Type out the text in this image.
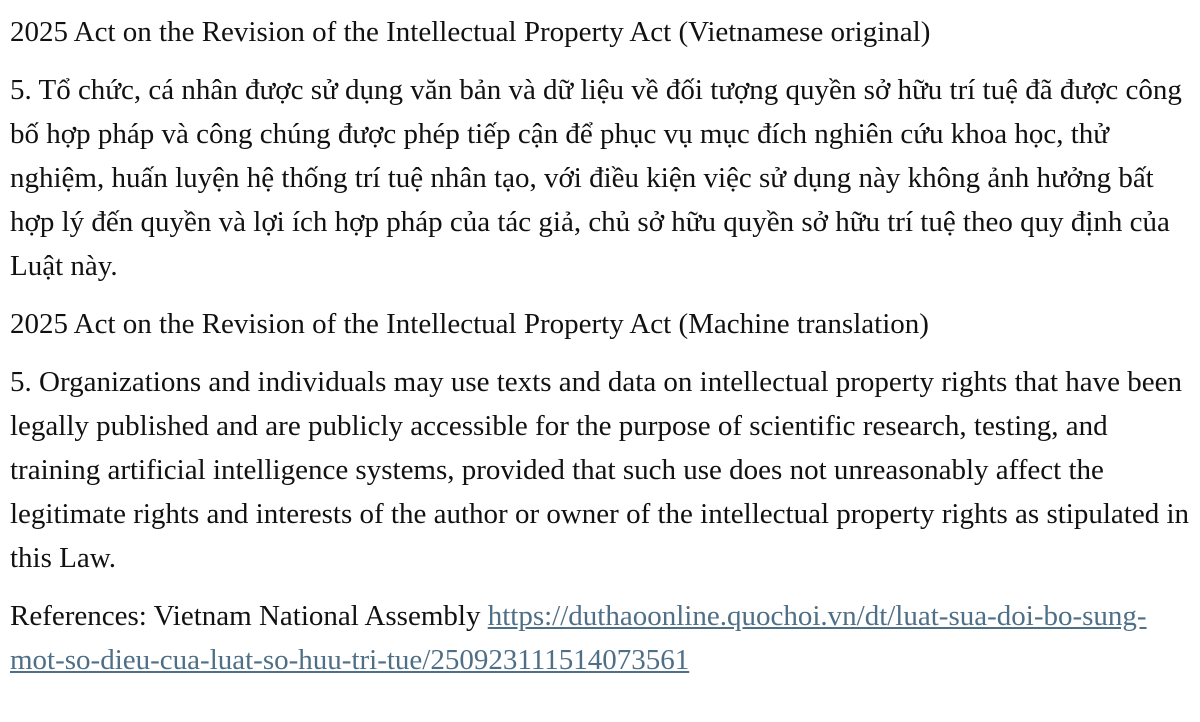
2025 Act on the Revision of the Intellectual Property Act (Vietnamese original)
5. Tổ chức, cá nhân được sử dụng văn bản và dữ liệu về đối tượng quyền sở hữu trí tuệ đã được công bố hợp pháp và công chúng được phép tiếp cận để phục vụ mục đích nghiên cứu khoa học, thử nghiệm, huấn luyện hệ thống trí tuệ nhân tạo, với điều kiện việc sử dụng này không ảnh hưởng bất hợp lý đến quyền và lợi ích hợp pháp của tác giả, chủ sở hữu quyền sở hữu trí tuệ theo quy định của Luật này.
2025 Act on the Revision of the Intellectual Property Act (Machine translation)
5. Organizations and individuals may use texts and data on intellectual property rights that have been legally published and are publicly accessible for the purpose of scientific research, testing, and training artificial intelligence systems, provided that such use does not unreasonably affect the legitimate rights and interests of the author or owner of the intellectual property rights as stipulated in this Law.
References: Vietnam National Assembly https://duthaoonline.quochoi.vn/dt/luat-sua-doi-bo-sung-mot-so-dieu-cua-luat-so-huu-tri-tue/250923111514073561
